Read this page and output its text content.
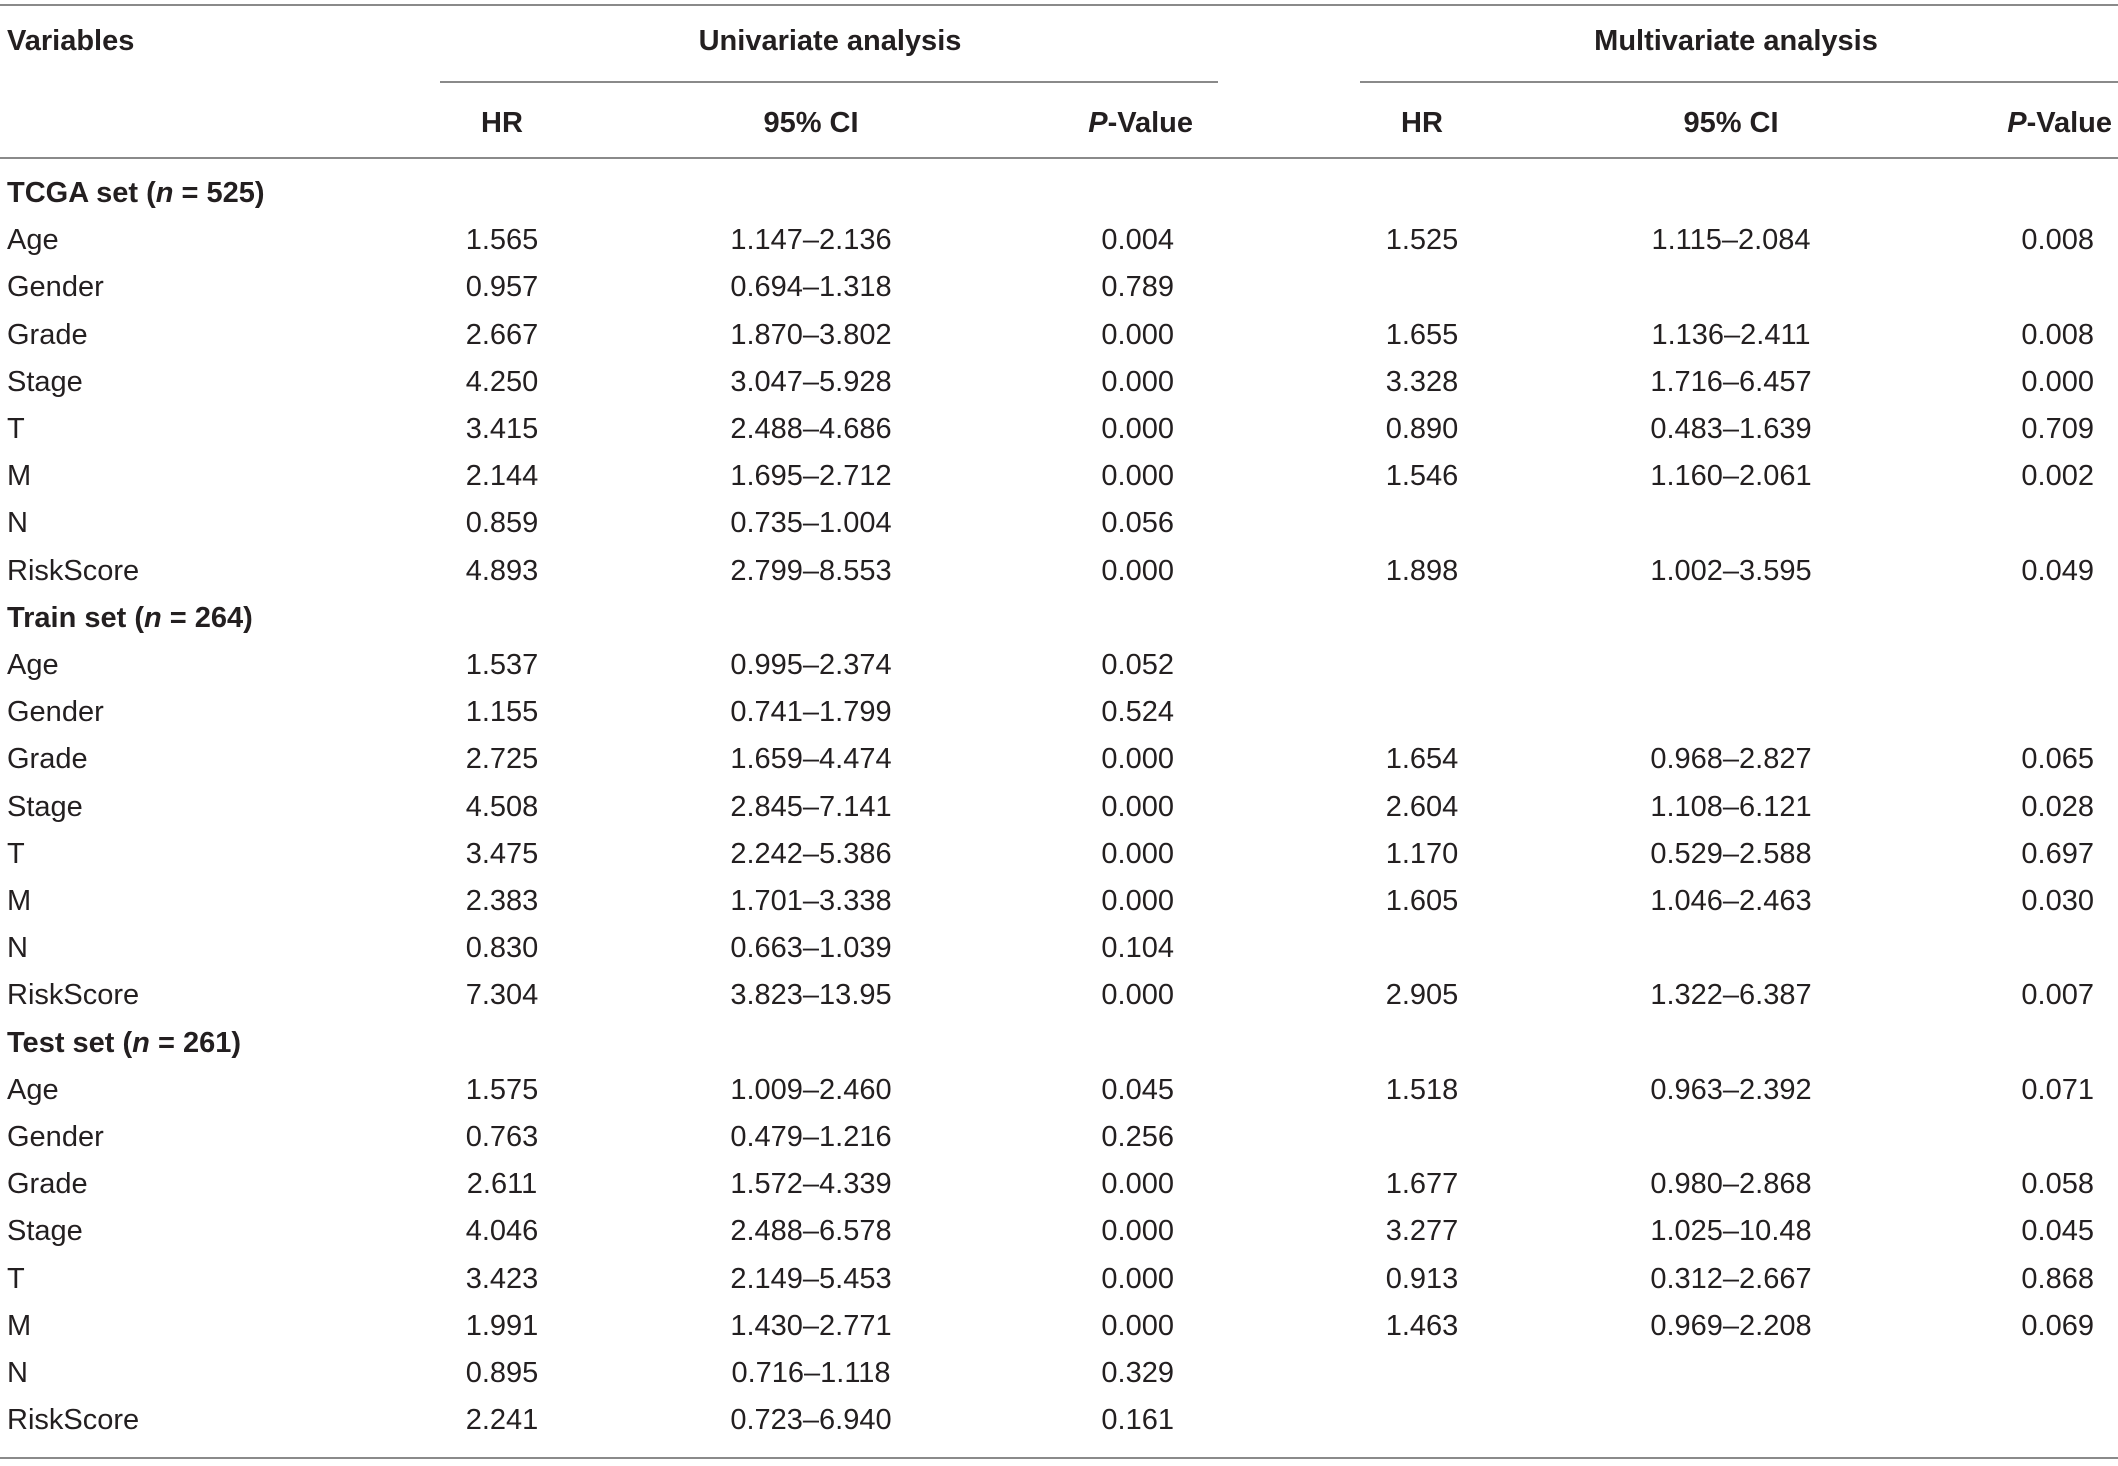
Variables	Univariate analysis	Multivariate analysis
HR	95% CI	P-Value	HR	95% CI	P-Value
TCGA set (n = 525)
Age	1.565	1.147–2.136	0.004	1.525	1.115–2.084	0.008
Gender	0.957	0.694–1.318	0.789
Grade	2.667	1.870–3.802	0.000	1.655	1.136–2.411	0.008
Stage	4.250	3.047–5.928	0.000	3.328	1.716–6.457	0.000
T	3.415	2.488–4.686	0.000	0.890	0.483–1.639	0.709
M	2.144	1.695–2.712	0.000	1.546	1.160–2.061	0.002
N	0.859	0.735–1.004	0.056
RiskScore	4.893	2.799–8.553	0.000	1.898	1.002–3.595	0.049
Train set (n = 264)
Age	1.537	0.995–2.374	0.052
Gender	1.155	0.741–1.799	0.524
Grade	2.725	1.659–4.474	0.000	1.654	0.968–2.827	0.065
Stage	4.508	2.845–7.141	0.000	2.604	1.108–6.121	0.028
T	3.475	2.242–5.386	0.000	1.170	0.529–2.588	0.697
M	2.383	1.701–3.338	0.000	1.605	1.046–2.463	0.030
N	0.830	0.663–1.039	0.104
RiskScore	7.304	3.823–13.95	0.000	2.905	1.322–6.387	0.007
Test set (n = 261)
Age	1.575	1.009–2.460	0.045	1.518	0.963–2.392	0.071
Gender	0.763	0.479–1.216	0.256
Grade	2.611	1.572–4.339	0.000	1.677	0.980–2.868	0.058
Stage	4.046	2.488–6.578	0.000	3.277	1.025–10.48	0.045
T	3.423	2.149–5.453	0.000	0.913	0.312–2.667	0.868
M	1.991	1.430–2.771	0.000	1.463	0.969–2.208	0.069
N	0.895	0.716–1.118	0.329
RiskScore	2.241	0.723–6.940	0.161
